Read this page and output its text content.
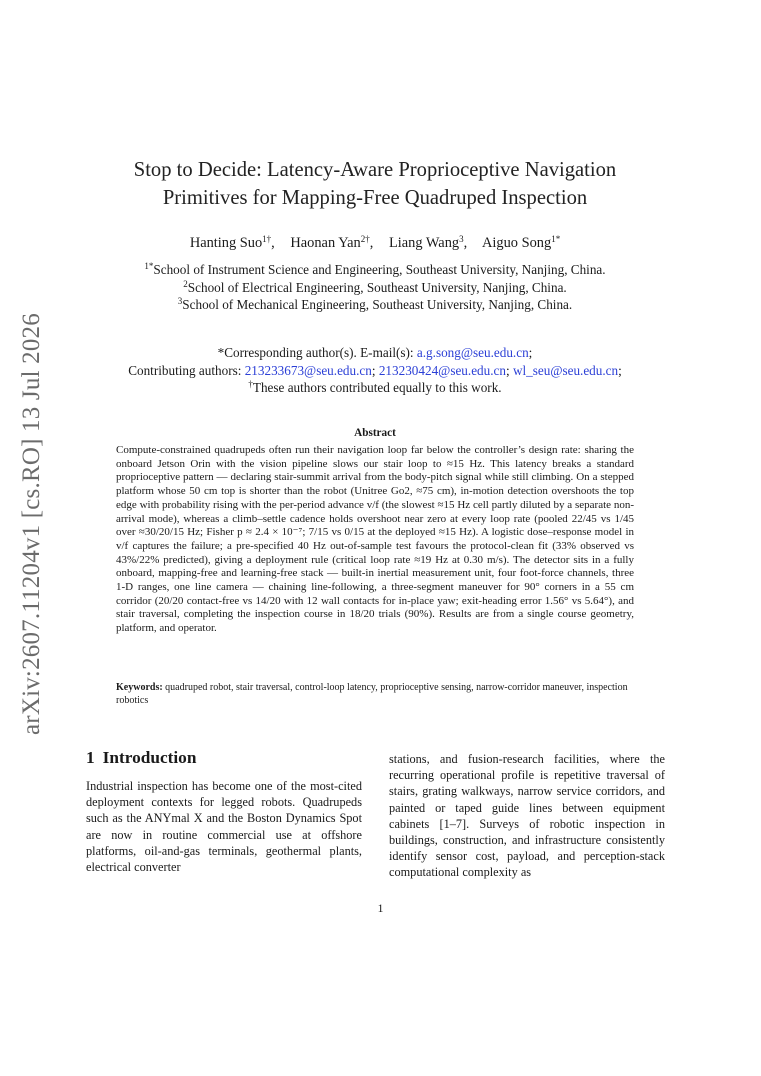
arXiv:2607.11204v1 [cs.RO] 13 Jul 2026
Stop to Decide: Latency-Aware Proprioceptive Navigation
Primitives for Mapping-Free Quadruped Inspection
Hanting Suo$^{1\dagger}$, Haonan Yan$^{2\dagger}$, Liang Wang$^3$, Aiguo Song$^{1*}$
$^{1*}$School of Instrument Science and Engineering, Southeast University, Nanjing, China.
$^2$School of Electrical Engineering, Southeast University, Nanjing, China.
$^3$School of Mechanical Engineering, Southeast University, Nanjing, China.
*Corresponding author(s). E-mail(s): a.g.song@seu.edu.cn;
Contributing authors: 213233673@seu.edu.cn; 213230424@seu.edu.cn; wl_seu@seu.edu.cn;
†These authors contributed equally to this work.
Abstract
Compute-constrained quadrupeds often run their navigation loop far below the controller’s design rate: sharing the onboard Jetson Orin with the vision pipeline slows our stair loop to ≈15 Hz. This latency breaks a standard proprioceptive pattern — declaring stair-summit arrival from the body-pitch signal while still climbing. On a stepped platform whose 50 cm top is shorter than the robot (Unitree Go2, ≈75 cm), in-motion detection overshoots the top edge with probability rising with the per-period advance v/f (the slowest ≈15 Hz cell partly diluted by a separate non-arrival mode), whereas a climb–settle cadence holds overshoot near zero at every loop rate (pooled 22/45 vs 1/45 over ≈30/20/15 Hz; Fisher p ≈ 2.4 × 10⁻⁷; 7/15 vs 0/15 at the deployed ≈15 Hz). A logistic dose–response model in v/f captures the failure; a pre-specified 40 Hz out-of-sample test favours the protocol-clean fit (33% observed vs 43%/22% predicted), giving a deployment rule (critical loop rate ≈19 Hz at 0.30 m/s). The detector sits in a fully onboard, mapping-free and learning-free stack — built-in inertial measurement unit, four foot-force channels, three 1-D ranges, one line camera — chaining line-following, a three-segment maneuver for 90° corners in a 55 cm corridor (20/20 contact-free vs 14/20 with 12 wall contacts for in-place yaw; exit-heading error 1.56° vs 5.64°), and stair traversal, completing the inspection course in 18/20 trials (90%). Results are from a single course geometry, platform, and operator.
Keywords: quadruped robot, stair traversal, control-loop latency, proprioceptive sensing, narrow-corridor maneuver, inspection robotics
1 Introduction
Industrial inspection has become one of the most-cited deployment contexts for legged robots. Quadrupeds such as the ANYmal X and the Boston Dynamics Spot are now in routine commercial use at offshore platforms, oil-and-gas terminals, geothermal plants, electrical converter
stations, and fusion-research facilities, where the recurring operational profile is repetitive traversal of stairs, grating walkways, narrow service corridors, and painted or taped guide lines between equipment cabinets [1–7]. Surveys of robotic inspection in buildings, construction, and infrastructure consistently identify sensor cost, payload, and perception-stack computational complexity as
1
